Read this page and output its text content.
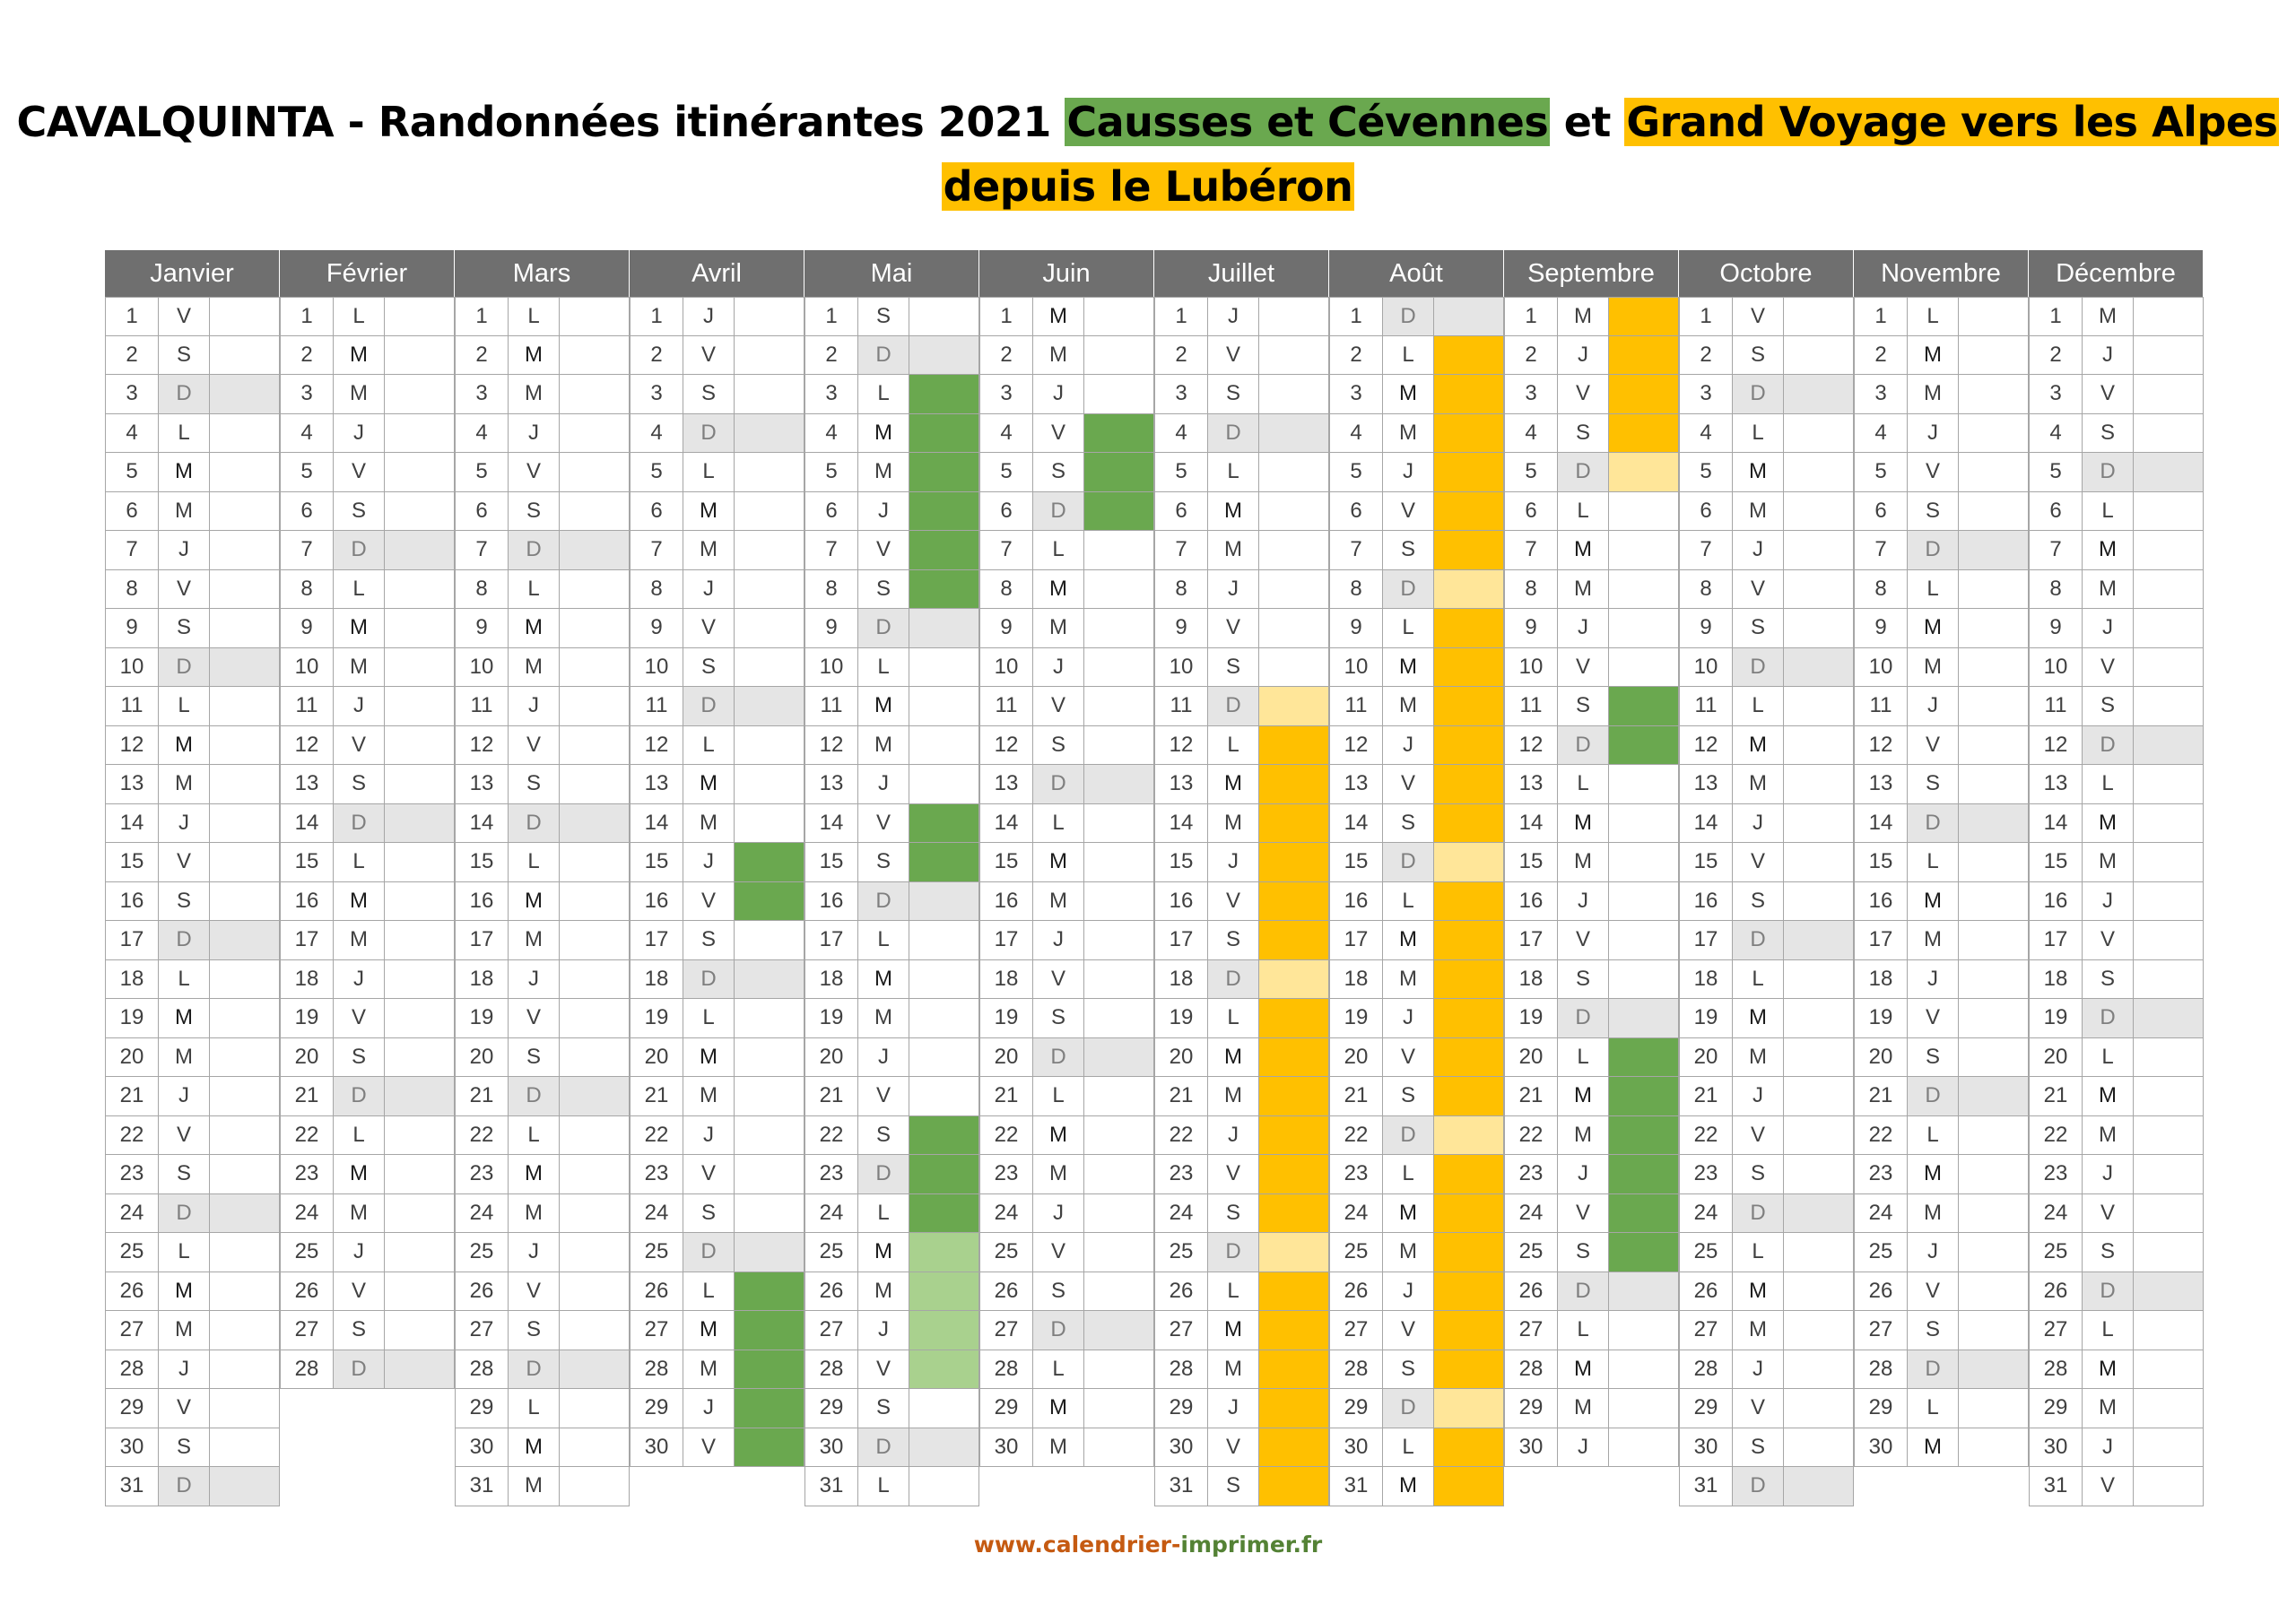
CAVALQUINTA - Randonnées itinérantes 2021 Causses et Cévennes et Grand Voyage vers les Alpes
depuis le Lubéron
Janvier
1	V
2	S
3	D
4	L
5	M
6	M
7	J
8	V
9	S
10	D
11	L
12	M
13	M
14	J
15	V
16	S
17	D
18	L
19	M
20	M
21	J
22	V
23	S
24	D
25	L
26	M
27	M
28	J
29	V
30	S
31	D
Février
1	L
2	M
3	M
4	J
5	V
6	S
7	D
8	L
9	M
10	M
11	J
12	V
13	S
14	D
15	L
16	M
17	M
18	J
19	V
20	S
21	D
22	L
23	M
24	M
25	J
26	V
27	S
28	D
Mars
1	L
2	M
3	M
4	J
5	V
6	S
7	D
8	L
9	M
10	M
11	J
12	V
13	S
14	D
15	L
16	M
17	M
18	J
19	V
20	S
21	D
22	L
23	M
24	M
25	J
26	V
27	S
28	D
29	L
30	M
31	M
Avril
1	J
2	V
3	S
4	D
5	L
6	M
7	M
8	J
9	V
10	S
11	D
12	L
13	M
14	M
15	J
16	V
17	S
18	D
19	L
20	M
21	M
22	J
23	V
24	S
25	D
26	L
27	M
28	M
29	J
30	V
Mai
1	S
2	D
3	L
4	M
5	M
6	J
7	V
8	S
9	D
10	L
11	M
12	M
13	J
14	V
15	S
16	D
17	L
18	M
19	M
20	J
21	V
22	S
23	D
24	L
25	M
26	M
27	J
28	V
29	S
30	D
31	L
Juin
1	M
2	M
3	J
4	V
5	S
6	D
7	L
8	M
9	M
10	J
11	V
12	S
13	D
14	L
15	M
16	M
17	J
18	V
19	S
20	D
21	L
22	M
23	M
24	J
25	V
26	S
27	D
28	L
29	M
30	M
Juillet
1	J
2	V
3	S
4	D
5	L
6	M
7	M
8	J
9	V
10	S
11	D
12	L
13	M
14	M
15	J
16	V
17	S
18	D
19	L
20	M
21	M
22	J
23	V
24	S
25	D
26	L
27	M
28	M
29	J
30	V
31	S
Août
1	D
2	L
3	M
4	M
5	J
6	V
7	S
8	D
9	L
10	M
11	M
12	J
13	V
14	S
15	D
16	L
17	M
18	M
19	J
20	V
21	S
22	D
23	L
24	M
25	M
26	J
27	V
28	S
29	D
30	L
31	M
Septembre
1	M
2	J
3	V
4	S
5	D
6	L
7	M
8	M
9	J
10	V
11	S
12	D
13	L
14	M
15	M
16	J
17	V
18	S
19	D
20	L
21	M
22	M
23	J
24	V
25	S
26	D
27	L
28	M
29	M
30	J
Octobre
1	V
2	S
3	D
4	L
5	M
6	M
7	J
8	V
9	S
10	D
11	L
12	M
13	M
14	J
15	V
16	S
17	D
18	L
19	M
20	M
21	J
22	V
23	S
24	D
25	L
26	M
27	M
28	J
29	V
30	S
31	D
Novembre
1	L
2	M
3	M
4	J
5	V
6	S
7	D
8	L
9	M
10	M
11	J
12	V
13	S
14	D
15	L
16	M
17	M
18	J
19	V
20	S
21	D
22	L
23	M
24	M
25	J
26	V
27	S
28	D
29	L
30	M
Décembre
1	M
2	J
3	V
4	S
5	D
6	L
7	M
8	M
9	J
10	V
11	S
12	D
13	L
14	M
15	M
16	J
17	V
18	S
19	D
20	L
21	M
22	M
23	J
24	V
25	S
26	D
27	L
28	M
29	M
30	J
31	V
www.calendrier-imprimer.fr
